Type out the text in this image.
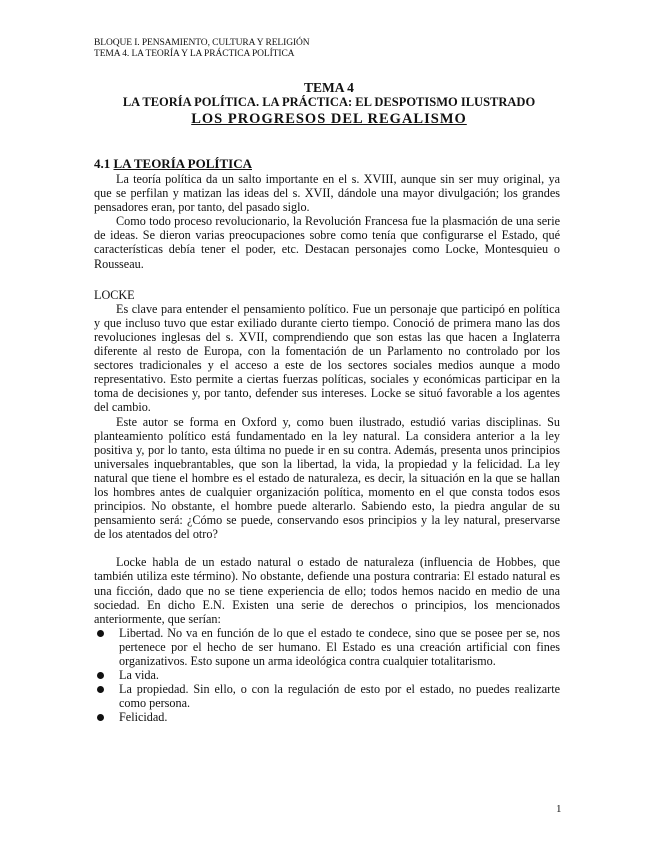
BLOQUE I. PENSAMIENTO, CULTURA Y RELIGIÓN
TEMA 4. LA TEORÍA Y LA PRÁCTICA POLÍTICA
TEMA 4
LA TEORÍA POLÍTICA. LA PRÁCTICA: EL DESPOTISMO ILUSTRADO
LOS PROGRESOS DEL REGALISMO
4.1 LA TEORÍA POLÍTICA

La teoría política da un salto importante en el s. XVIII, aunque sin ser muy original, ya que se perfilan y matizan las ideas del s. XVII, dándole una mayor divulgación; los grandes pensadores eran, por tanto, del pasado siglo.

Como todo proceso revolucionario, la Revolución Francesa fue la plasmación de una serie de ideas. Se dieron varias preocupaciones sobre como tenía que configurarse el Estado, qué características debía tener el poder, etc. Destacan personajes como Locke, Montesquieu o Rousseau.

LOCKE

Es clave para entender el pensamiento político. Fue un personaje que participó en política y que incluso tuvo que estar exiliado durante cierto tiempo. Conoció de primera mano las dos revoluciones inglesas del s. XVII, comprendiendo que son estas las que hacen a Inglaterra diferente al resto de Europa, con la fomentación de un Parlamento no controlado por los sectores tradicionales y el acceso a este de los sectores sociales medios aunque a modo representativo. Esto permite a ciertas fuerzas políticas, sociales y económicas participar en la toma de decisiones y, por tanto, defender sus intereses. Locke se situó favorable a los agentes del cambio.

Este autor se forma en Oxford y, como buen ilustrado, estudió varias disciplinas. Su planteamiento político está fundamentado en la ley natural. La considera anterior a la ley positiva y, por lo tanto, esta última no puede ir en su contra. Además, presenta unos principios universales inquebrantables, que son la libertad, la vida, la propiedad y la felicidad. La ley natural que tiene el hombre es el estado de naturaleza, es decir, la situación en la que se hallan los hombres antes de cualquier organización política, momento en el que consta todos esos principios. No obstante, el hombre puede alterarlo. Sabiendo esto, la piedra angular de su pensamiento será: ¿Cómo se puede, conservando esos principios y la ley natural, preservarse de los atentados del otro?

Locke habla de un estado natural o estado de naturaleza (influencia de Hobbes, que también utiliza este término). No obstante, defiende una postura contraria: El estado natural es una ficción, dado que no se tiene experiencia de ello; todos hemos nacido en medio de una sociedad. En dicho E.N. Existen una serie de derechos o principios, los mencionados anteriormente, que serían:

Libertad. No va en función de lo que el estado te condece, sino que se posee per se, nos pertenece por el hecho de ser humano. El Estado es una creación artificial con fines organizativos. Esto supone un arma ideológica contra cualquier totalitarismo.
La vida.
La propiedad. Sin ello, o con la regulación de esto por el estado, no puedes realizarte como persona.
Felicidad.
1
